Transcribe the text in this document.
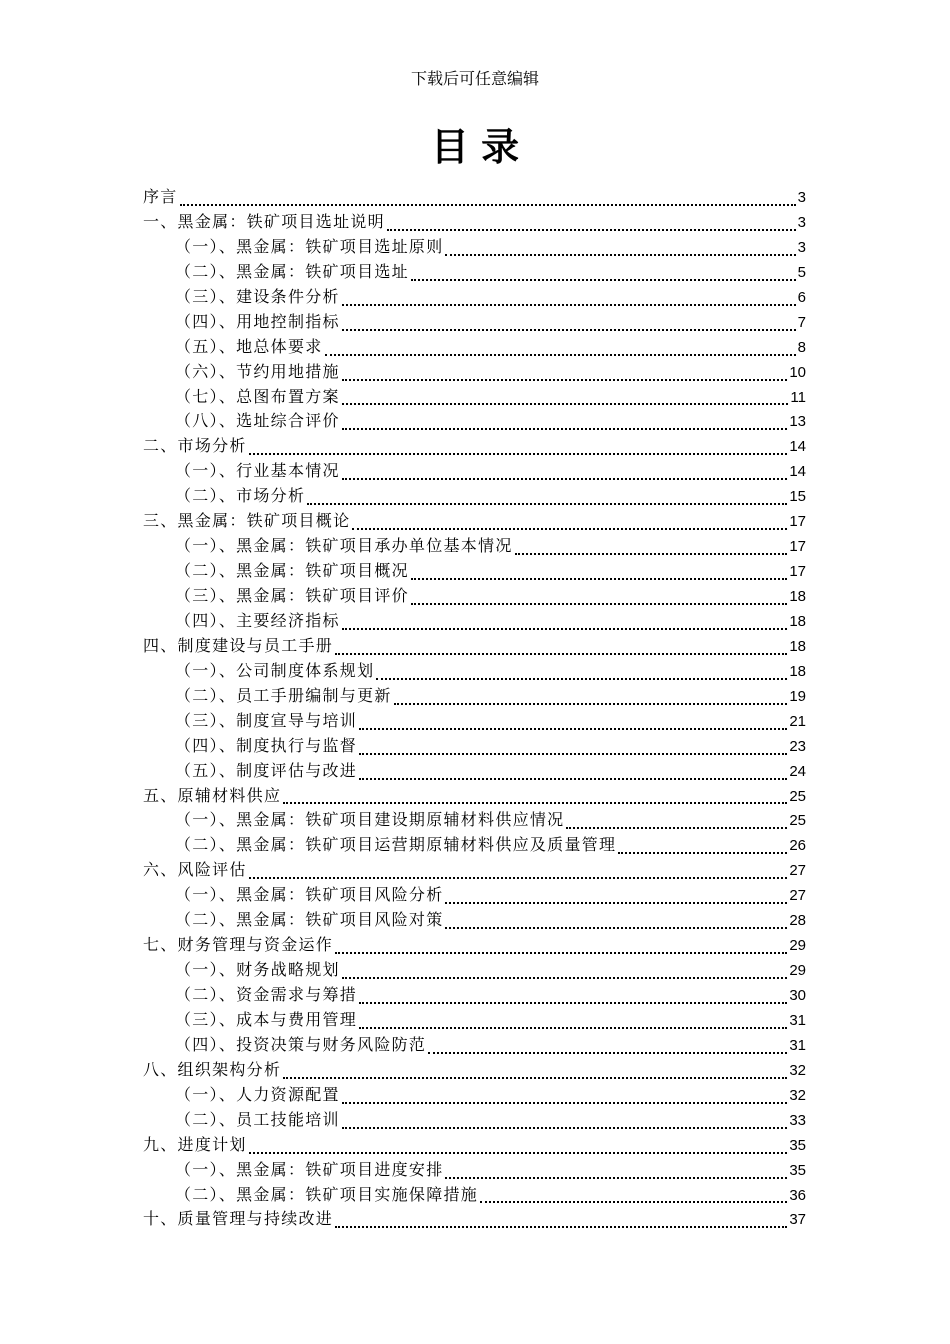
下载后可任意编辑
目录
序言	3
一、黑金属：铁矿项目选址说明	3
（一）、黑金属：铁矿项目选址原则	3
（二）、黑金属：铁矿项目选址	5
（三）、建设条件分析	6
（四）、用地控制指标	7
（五）、地总体要求	8
（六）、节约用地措施	10
（七）、总图布置方案	11
（八）、选址综合评价	13
二、市场分析	14
（一）、行业基本情况	14
（二）、市场分析	15
三、黑金属：铁矿项目概论	17
（一）、黑金属：铁矿项目承办单位基本情况	17
（二）、黑金属：铁矿项目概况	17
（三）、黑金属：铁矿项目评价	18
（四）、主要经济指标	18
四、制度建设与员工手册	18
（一）、公司制度体系规划	18
（二）、员工手册编制与更新	19
（三）、制度宣导与培训	21
（四）、制度执行与监督	23
（五）、制度评估与改进	24
五、原辅材料供应	25
（一）、黑金属：铁矿项目建设期原辅材料供应情况	25
（二）、黑金属：铁矿项目运营期原辅材料供应及质量管理	26
六、风险评估	27
（一）、黑金属：铁矿项目风险分析	27
（二）、黑金属：铁矿项目风险对策	28
七、财务管理与资金运作	29
（一）、财务战略规划	29
（二）、资金需求与筹措	30
（三）、成本与费用管理	31
（四）、投资决策与财务风险防范	31
八、组织架构分析	32
（一）、人力资源配置	32
（二）、员工技能培训	33
九、进度计划	35
（一）、黑金属：铁矿项目进度安排	35
（二）、黑金属：铁矿项目实施保障措施	36
十、质量管理与持续改进	37
